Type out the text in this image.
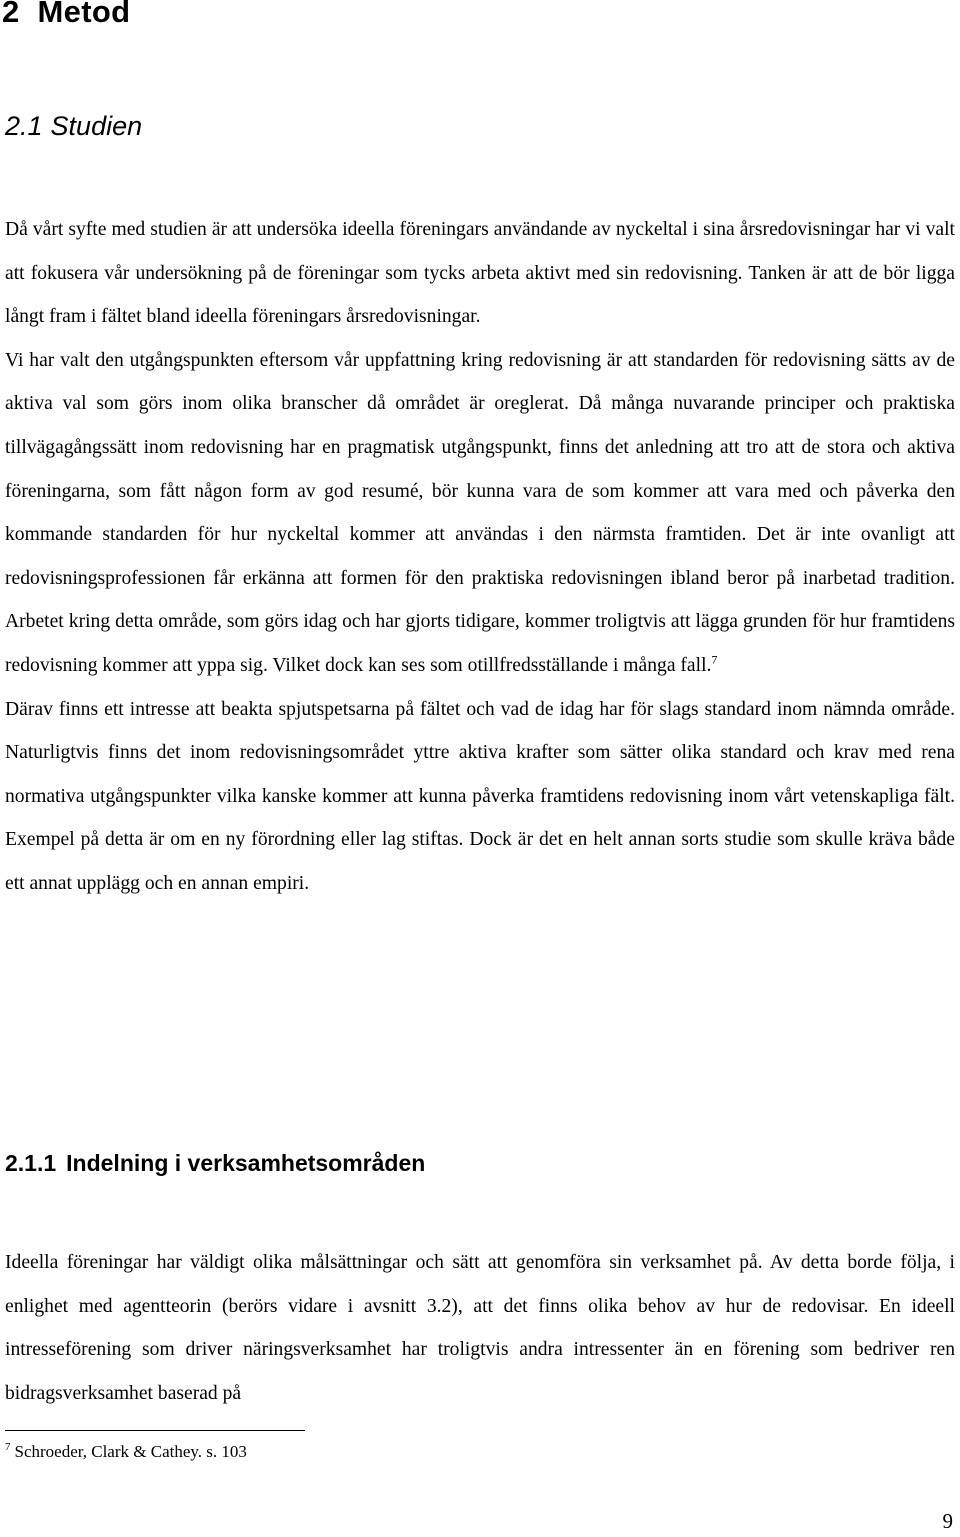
2 Metod
2.1 Studien

Då vårt syfte med studien är att undersöka ideella föreningars användande av nyckeltal i sina årsredovisningar har vi valt att fokusera vår undersökning på de föreningar som tycks arbeta aktivt med sin redovisning. Tanken är att de bör ligga långt fram i fältet bland ideella föreningars årsredovisningar.

Vi har valt den utgångspunkten eftersom vår uppfattning kring redovisning är att standarden för redovisning sätts av de aktiva val som görs inom olika branscher då området är oreglerat. Då många nuvarande principer och praktiska tillvägagångssätt inom redovisning har en pragmatisk utgångspunkt, finns det anledning att tro att de stora och aktiva föreningarna, som fått någon form av god resumé, bör kunna vara de som kommer att vara med och påverka den kommande standarden för hur nyckeltal kommer att användas i den närmsta framtiden. Det är inte ovanligt att redovisningsprofessionen får erkänna att formen för den praktiska redovisningen ibland beror på inarbetad tradition. Arbetet kring detta område, som görs idag och har gjorts tidigare, kommer troligtvis att lägga grunden för hur framtidens redovisning kommer att yppa sig. Vilket dock kan ses som otillfredsställande i många fall.$^7$

Därav finns ett intresse att beakta spjutspetsarna på fältet och vad de idag har för slags standard inom nämnda område. Naturligtvis finns det inom redovisningsområdet yttre aktiva krafter som sätter olika standard och krav med rena normativa utgångspunkter vilka kanske kommer att kunna påverka framtidens redovisning inom vårt vetenskapliga fält. Exempel på detta är om en ny förordning eller lag stiftas. Dock är det en helt annan sorts studie som skulle kräva både ett annat upplägg och en annan empiri.

2.1.1 Indelning i verksamhetsområden

Ideella föreningar har väldigt olika målsättningar och sätt att genomföra sin verksamhet på. Av detta borde följa, i enlighet med agentteorin (berörs vidare i avsnitt 3.2), att det finns olika behov av hur de redovisar. En ideell intresseförening som driver näringsverksamhet har troligtvis andra intressenter än en förening som bedriver ren bidragsverksamhet baserad på

$^7$ Schroeder, Clark & Cathey. s. 103
9
